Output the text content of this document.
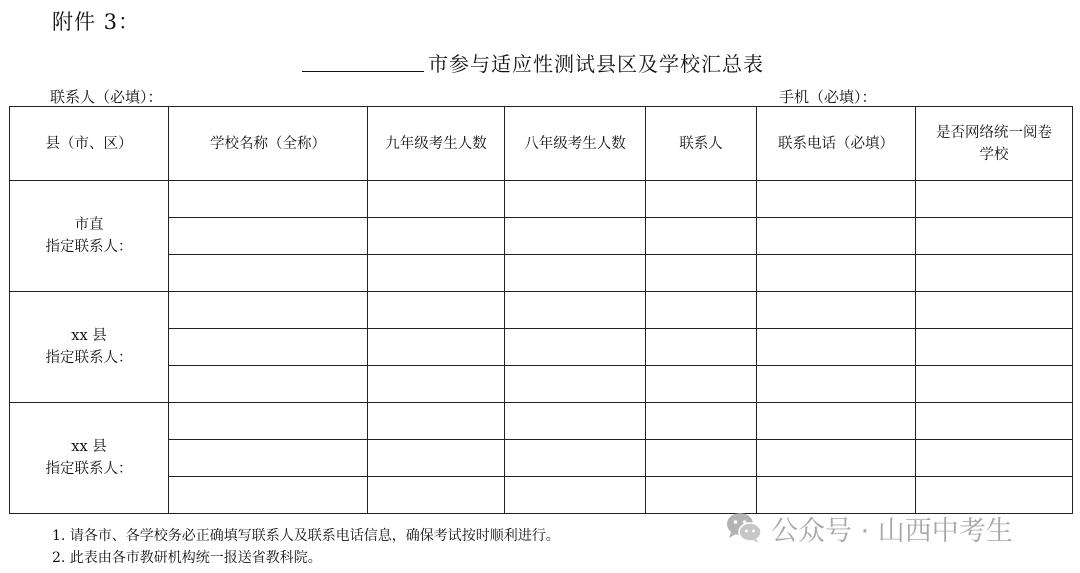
附件 3：
市参与适应性测试县区及学校汇总表
联系人（必填）：	手机（必填）：
县（市、区）	学校名称（全称）	九年级考生人数	八年级考生人数	联系人	联系电话（必填）	是否网络统一阅卷学校

市直
指定联系人：						

xx 县
指定联系人：						

xx 县
指定联系人：						

1. 请各市、各学校务必正确填写联系人及联系电话信息，确保考试按时顺利进行。
2. 此表由各市教研机构统一报送省教科院。
公众号 · 山西中考生
